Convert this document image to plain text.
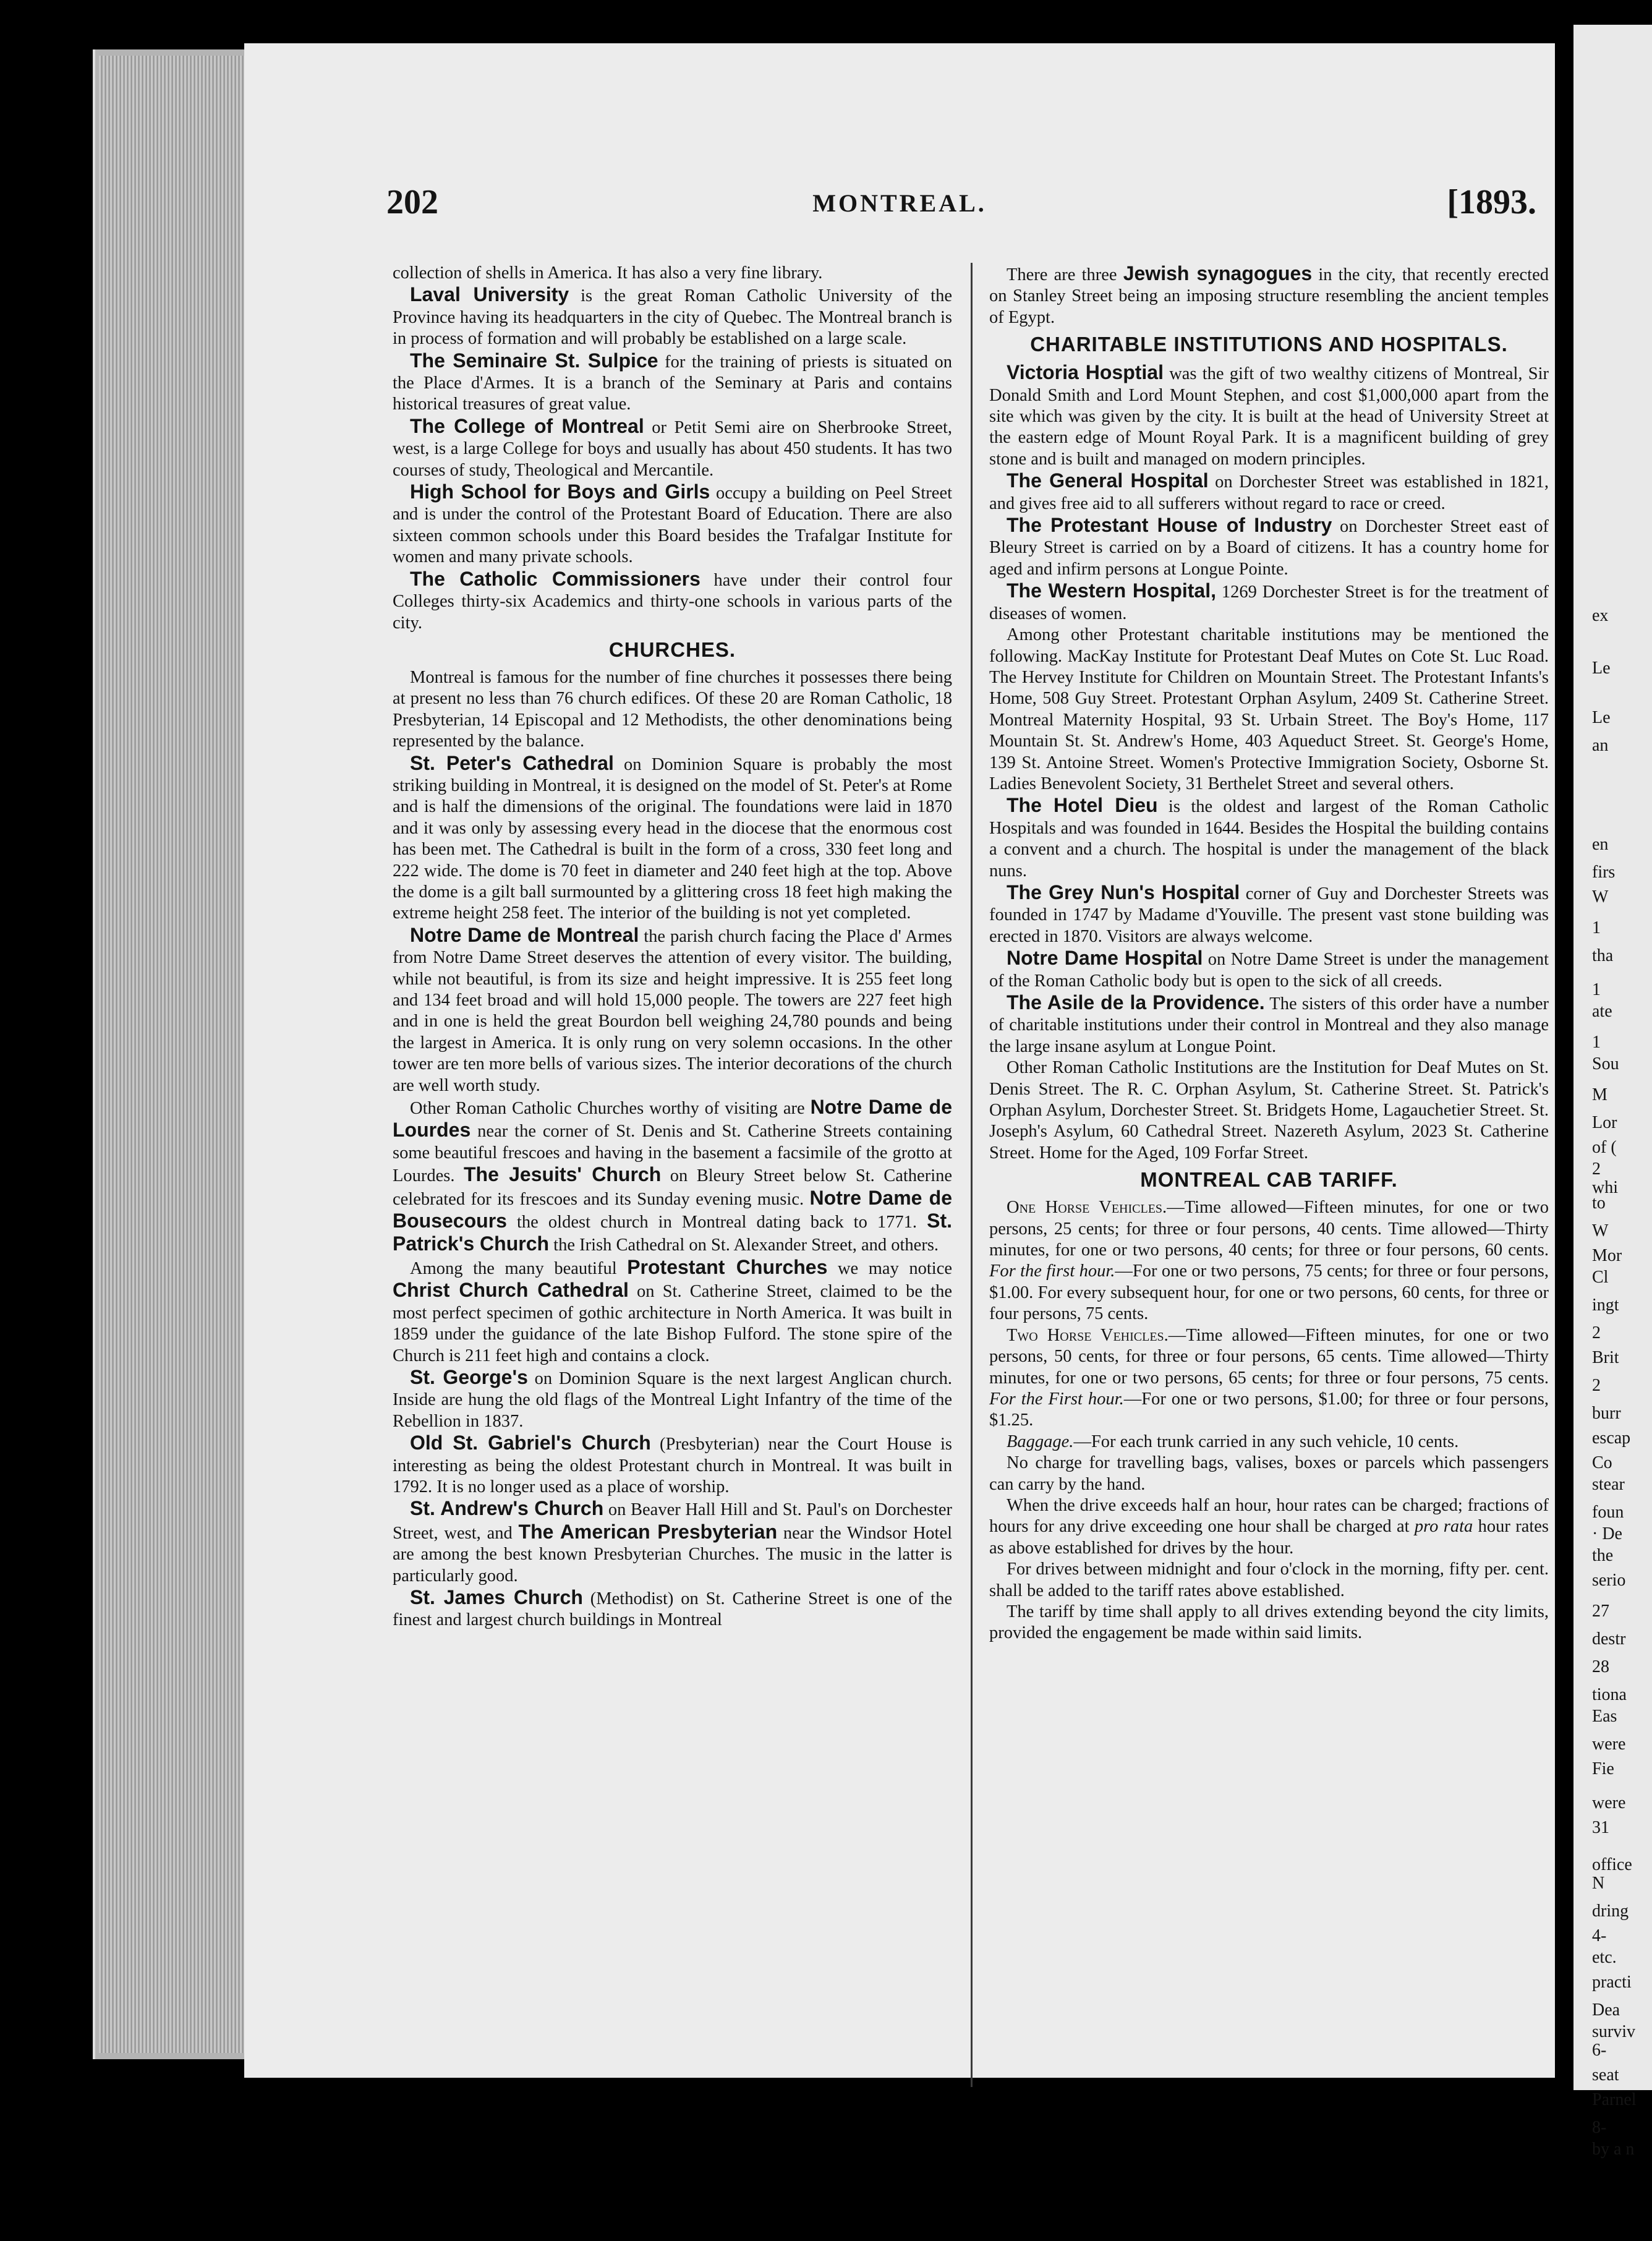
202	MONTREAL.	[1893.

collection of shells in America. It has also a very fine library.

Laval University is the great Roman Catholic University of the Province having its headquarters in the city of Quebec. The Montreal branch is in process of formation and will probably be established on a large scale.

The Seminaire St. Sulpice for the training of priests is situated on the Place d'Armes. It is a branch of the Seminary at Paris and contains historical treasures of great value.

The College of Montreal or Petit Semi aire on Sherbrooke Street, west, is a large College for boys and usually has about 450 students. It has two courses of study, Theological and Mercantile.

High School for Boys and Girls occupy a building on Peel Street and is under the control of the Protestant Board of Education. There are also sixteen common schools under this Board besides the Trafalgar Institute for women and many private schools.

The Catholic Commissioners have under their control four Colleges thirty-six Academics and thirty-one schools in various parts of the city.

CHURCHES.

Montreal is famous for the number of fine churches it possesses there being at present no less than 76 church edifices. Of these 20 are Roman Catholic, 18 Presbyterian, 14 Episcopal and 12 Methodists, the other denominations being represented by the balance.

St. Peter's Cathedral on Dominion Square is probably the most striking building in Montreal, it is designed on the model of St. Peter's at Rome and is half the dimensions of the original. The foundations were laid in 1870 and it was only by assessing every head in the diocese that the enormous cost has been met. The Cathedral is built in the form of a cross, 330 feet long and 222 wide. The dome is 70 feet in diameter and 240 feet high at the top. Above the dome is a gilt ball surmounted by a glittering cross 18 feet high making the extreme height 258 feet. The interior of the building is not yet completed.

Notre Dame de Montreal the parish church facing the Place d' Armes from Notre Dame Street deserves the attention of every visitor. The building, while not beautiful, is from its size and height impressive. It is 255 feet long and 134 feet broad and will hold 15,000 people. The towers are 227 feet high and in one is held the great Bourdon bell weighing 24,780 pounds and being the largest in America. It is only rung on very solemn occasions. In the other tower are ten more bells of various sizes. The interior decorations of the church are well worth study.

Other Roman Catholic Churches worthy of visiting are Notre Dame de Lourdes near the corner of St. Denis and St. Catherine Streets containing some beautiful frescoes and having in the basement a facsimile of the grotto at Lourdes. The Jesuits' Church on Bleury Street below St. Catherine celebrated for its frescoes and its Sunday evening music. Notre Dame de Bousecours the oldest church in Montreal dating back to 1771. St. Patrick's Church the Irish Cathedral on St. Alexander Street, and others.

Among the many beautiful Protestant Churches we may notice Christ Church Cathedral on St. Catherine Street, claimed to be the most perfect specimen of gothic architecture in North America. It was built in 1859 under the guidance of the late Bishop Fulford. The stone spire of the Church is 211 feet high and contains a clock.

St. George's on Dominion Square is the next largest Anglican church. Inside are hung the old flags of the Montreal Light Infantry of the time of the Rebellion in 1837.

Old St. Gabriel's Church (Presbyterian) near the Court House is interesting as being the oldest Protestant church in Montreal. It was built in 1792. It is no longer used as a place of worship.

St. Andrew's Church on Beaver Hall Hill and St. Paul's on Dorchester Street, west, and The American Presbyterian near the Windsor Hotel are among the best known Presbyterian Churches. The music in the latter is particularly good.

St. James Church (Methodist) on St. Catherine Street is one of the finest and largest church buildings in Montreal

There are three Jewish synagogues in the city, that recently erected on Stanley Street being an imposing structure resembling the ancient temples of Egypt.

CHARITABLE INSTITUTIONS AND HOSPITALS.

Victoria Hosptial was the gift of two wealthy citizens of Montreal, Sir Donald Smith and Lord Mount Stephen, and cost $1,000,000 apart from the site which was given by the city. It is built at the head of University Street at the eastern edge of Mount Royal Park. It is a magnificent building of grey stone and is built and managed on modern principles.

The General Hospital on Dorchester Street was established in 1821, and gives free aid to all sufferers without regard to race or creed.

The Protestant House of Industry on Dorchester Street east of Bleury Street is carried on by a Board of citizens. It has a country home for aged and infirm persons at Longue Pointe.

The Western Hospital, 1269 Dorchester Street is for the treatment of diseases of women.

Among other Protestant charitable institutions may be mentioned the following. MacKay Institute for Protestant Deaf Mutes on Cote St. Luc Road. The Hervey Institute for Children on Mountain Street. The Protestant Infants's Home, 508 Guy Street. Protestant Orphan Asylum, 2409 St. Catherine Street. Montreal Maternity Hospital, 93 St. Urbain Street. The Boy's Home, 117 Mountain St. St. Andrew's Home, 403 Aqueduct Street. St. George's Home, 139 St. Antoine Street. Women's Protective Immigration Society, Osborne St. Ladies Benevolent Society, 31 Berthelet Street and several others.

The Hotel Dieu is the oldest and largest of the Roman Catholic Hospitals and was founded in 1644. Besides the Hospital the building contains a convent and a church. The hospital is under the management of the black nuns.

The Grey Nun's Hospital corner of Guy and Dorchester Streets was founded in 1747 by Madame d'Youville. The present vast stone building was erected in 1870. Visitors are always welcome.

Notre Dame Hospital on Notre Dame Street is under the management of the Roman Catholic body but is open to the sick of all creeds.

The Asile de la Providence. The sisters of this order have a number of charitable institutions under their control in Montreal and they also manage the large insane asylum at Longue Point.

Other Roman Catholic Institutions are the Institution for Deaf Mutes on St. Denis Street. The R. C. Orphan Asylum, St. Catherine Street. St. Patrick's Orphan Asylum, Dorchester Street. St. Bridgets Home, Lagauchetier Street. St. Joseph's Asylum, 60 Cathedral Street. Nazereth Asylum, 2023 St. Catherine Street. Home for the Aged, 109 Forfar Street.

MONTREAL CAB TARIFF.

One Horse Vehicles.—Time allowed—Fifteen minutes, for one or two persons, 25 cents; for three or four persons, 40 cents. Time allowed—Thirty minutes, for one or two persons, 40 cents; for three or four persons, 60 cents. For the first hour.—For one or two persons, 75 cents; for three or four persons, $1.00. For every subsequent hour, for one or two persons, 60 cents, for three or four persons, 75 cents.

Two Horse Vehicles.—Time allowed—Fifteen minutes, for one or two persons, 50 cents, for three or four persons, 65 cents. Time allowed—Thirty minutes, for one or two persons, 65 cents; for three or four persons, 75 cents. For the First hour.—For one or two persons, $1.00; for three or four persons, $1.25.

Baggage.—For each trunk carried in any such vehicle, 10 cents.

No charge for travelling bags, valises, boxes or parcels which passengers can carry by the hand.

When the drive exceeds half an hour, hour rates can be charged; fractions of hours for any drive exceeding one hour shall be charged at pro rata hour rates as above established for drives by the hour.

For drives between midnight and four o'clock in the morning, fifty per. cent. shall be added to the tariff rates above established.

The tariff by time shall apply to all drives extending beyond the city limits, provided the engagement be made within said limits.

ex
Le
Le
an
en
firs
W
1
tha
1
ate
1
Sou
M
Lor
of (
2
whi
to
W
Mor
Cl
ingt
2
Brit
2
burr
escap
Co
stear
foun
· De
the
serio
27
destr
28
tiona
Eas
were
Fie
were
31
office
N
dring
4-
etc.
practi
Dea
surviv
6-
seat
Parnel
8-
by a n
